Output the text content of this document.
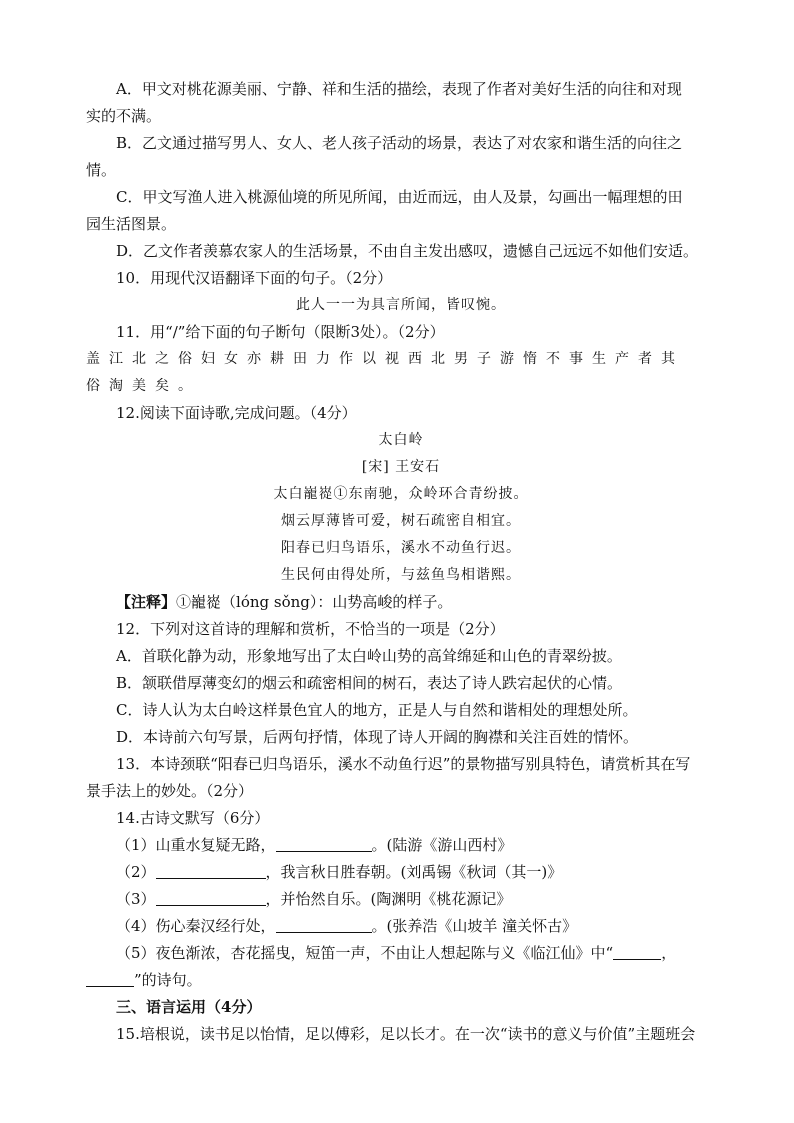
A．甲文对桃花源美丽、宁静、祥和生活的描绘，表现了作者对美好生活的向往和对现

实的不满。

B．乙文通过描写男人、女人、老人孩子活动的场景，表达了对农家和谐生活的向往之

情。

C．甲文写渔人进入桃源仙境的所见所闻，由近而远，由人及景，勾画出一幅理想的田

园生活图景。

D．乙文作者羡慕农家人的生活场景，不由自主发出感叹，遗憾自己远远不如他们安适。

10．用现代汉语翻译下面的句子。（2分）

此人一一为具言所闻，皆叹惋。

11．用“/”给下面的句子断句（限断3处）。（2分）

盖江北之俗妇女亦耕田力作以视西北男子游惰不事生产者其

俗淘美矣。

12.阅读下面诗歌,完成问题。（4分）

太白岭

[宋] 王安石

太白巃嵸①东南驰，众岭环合青纷披。

烟云厚薄皆可爱，树石疏密自相宜。

阳春已归鸟语乐，溪水不动鱼行迟。

生民何由得处所，与兹鱼鸟相谐熙。

【注释】①巃嵸（lóng sǒng）：山势高峻的样子。

12．下列对这首诗的理解和赏析，不恰当的一项是（2分）

A．首联化静为动，形象地写出了太白岭山势的高耸绵延和山色的青翠纷披。

B．颔联借厚薄变幻的烟云和疏密相间的树石，表达了诗人跌宕起伏的心情。

C．诗人认为太白岭这样景色宜人的地方，正是人与自然和谐相处的理想处所。

D．本诗前六句写景，后两句抒情，体现了诗人开阔的胸襟和关注百姓的情怀。

13．本诗颈联“阳春已归鸟语乐，溪水不动鱼行迟”的景物描写别具特色，请赏析其在写

景手法上的妙处。（2分）

14.古诗文默写（6分）

（1）山重水复疑无路，	。(陆游《游山西村》

（2）	，我言秋日胜春朝。(刘禹锡《秋词（其一)》

（3）	，并怡然自乐。(陶渊明《桃花源记》

（4）伤心秦汉经行处，	。(张养浩《山坡羊 潼关怀古》

（5）夜色渐浓，杏花摇曳，短笛一声，不由让人想起陈与义《临江仙》中“	，

”的诗句。

三、语言运用（4分）

15.培根说，读书足以怡情，足以傅彩，足以长才。在一次“读书的意义与价值”主题班会
